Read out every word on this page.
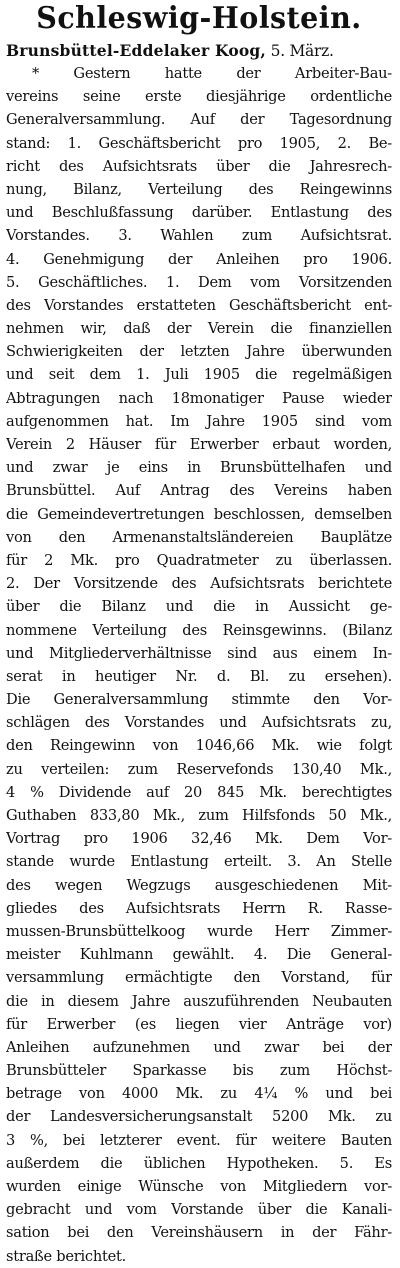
Schleswig-Holstein.
Brunsbüttel-Eddelaker Koog, 5. März.
* Gestern hatte der Arbeiter-Bau-
vereins seine erste diesjährige ordentliche
Generalversammlung. Auf der Tagesordnung
stand: 1. Geschäftsbericht pro 1905, 2. Be-
richt des Aufsichtsrats über die Jahresrech-
nung, Bilanz, Verteilung des Reingewinns
und Beschlußfassung darüber. Entlastung des
Vorstandes. 3. Wahlen zum Aufsichtsrat.
4. Genehmigung der Anleihen pro 1906.
5. Geschäftliches. 1. Dem vom Vorsitzenden
des Vorstandes erstatteten Geschäftsbericht ent-
nehmen wir, daß der Verein die finanziellen
Schwierigkeiten der letzten Jahre überwunden
und seit dem 1. Juli 1905 die regelmäßigen
Abtragungen nach 18monatiger Pause wieder
aufgenommen hat. Im Jahre 1905 sind vom
Verein 2 Häuser für Erwerber erbaut worden,
und zwar je eins in Brunsbüttelhafen und
Brunsbüttel. Auf Antrag des Vereins haben
die Gemeindevertretungen beschlossen, demselben
von den Armenanstaltsländereien Bauplätze
für 2 Mk. pro Quadratmeter zu überlassen.
2. Der Vorsitzende des Aufsichtsrats berichtete
über die Bilanz und die in Aussicht ge-
nommene Verteilung des Reinsgewinns. (Bilanz
und Mitgliederverhältnisse sind aus einem In-
serat in heutiger Nr. d. Bl. zu ersehen).
Die Generalversammlung stimmte den Vor-
schlägen des Vorstandes und Aufsichtsrats zu,
den Reingewinn von 1046,66 Mk. wie folgt
zu verteilen: zum Reservefonds 130,40 Mk.,
4 % Dividende auf 20 845 Mk. berechtigtes
Guthaben 833,80 Mk., zum Hilfsfonds 50 Mk.,
Vortrag pro 1906 32,46 Mk. Dem Vor-
stande wurde Entlastung erteilt. 3. An Stelle
des wegen Wegzugs ausgeschiedenen Mit-
gliedes des Aufsichtsrats Herrn R. Rasse-
mussen-Brunsbüttelkoog wurde Herr Zimmer-
meister Kuhlmann gewählt. 4. Die General-
versammlung ermächtigte den Vorstand, für
die in diesem Jahre auszuführenden Neubauten
für Erwerber (es liegen vier Anträge vor)
Anleihen aufzunehmen und zwar bei der
Brunsbütteler Sparkasse bis zum Höchst-
betrage von 4000 Mk. zu 4¼ % und bei
der Landesversicherungsanstalt 5200 Mk. zu
3 %, bei letzterer event. für weitere Bauten
außerdem die üblichen Hypotheken. 5. Es
wurden einige Wünsche von Mitgliedern vor-
gebracht und vom Vorstande über die Kanali-
sation bei den Vereinshäusern in der Fähr-
straße berichtet.
